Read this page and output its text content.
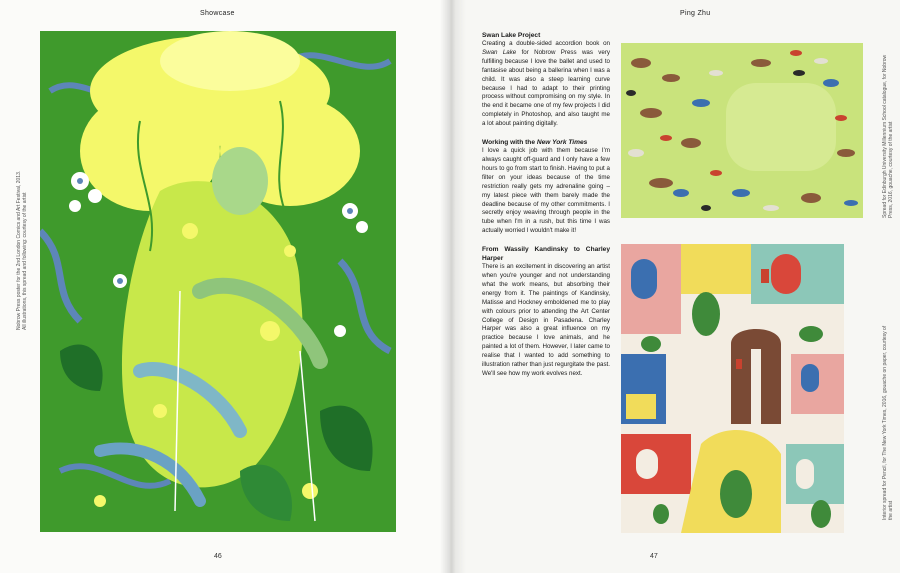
Showcase
Nobrow Press poster for the 2nd London Comics and Art Festival, 2013. All illustrations, this spread and following: courtesy of the artist
46
Ping Zhu
47
Spread for Edinburgh University Millennium School catalogue, for Nobrow Press, 2016, gouache, courtesy of the artist
Interior spread for Pencil, for The New York Times, 2016, gouache on paper, courtesy of the artist
Swan Lake Project

Creating a double-sided accordion book on Swan Lake for Nobrow Press was very fulfilling because I love the ballet and used to fantasise about being a ballerina when I was a child. It was also a steep learning curve because I had to adapt to their printing process without compromising on my style. In the end it became one of my few projects I did completely in Photoshop, and also taught me a lot about painting digitally.

Working with the New York Times

I love a quick job with them because I'm always caught off-guard and I only have a few hours to go from start to finish. Having to put a filter on your ideas because of the time restriction really gets my adrenaline going – my latest piece with them barely made the deadline because of my other commitments. I secretly enjoy weaving through people in the tube when I'm in a rush, but this time I was actually worried I wouldn't make it!

From Wassily Kandinsky to Charley Harper

There is an excitement in discovering an artist when you're younger and not understanding what the work means, but absorbing their energy from it. The paintings of Kandinsky, Matisse and Hockney emboldened me to play with colours prior to attending the Art Center College of Design in Pasadena. Charley Harper was also a great influence on my practice because I love animals, and he painted a lot of them. However, I later came to realise that I wanted to add something to illustration rather than just regurgitate the past. We'll see how my work evolves next.
